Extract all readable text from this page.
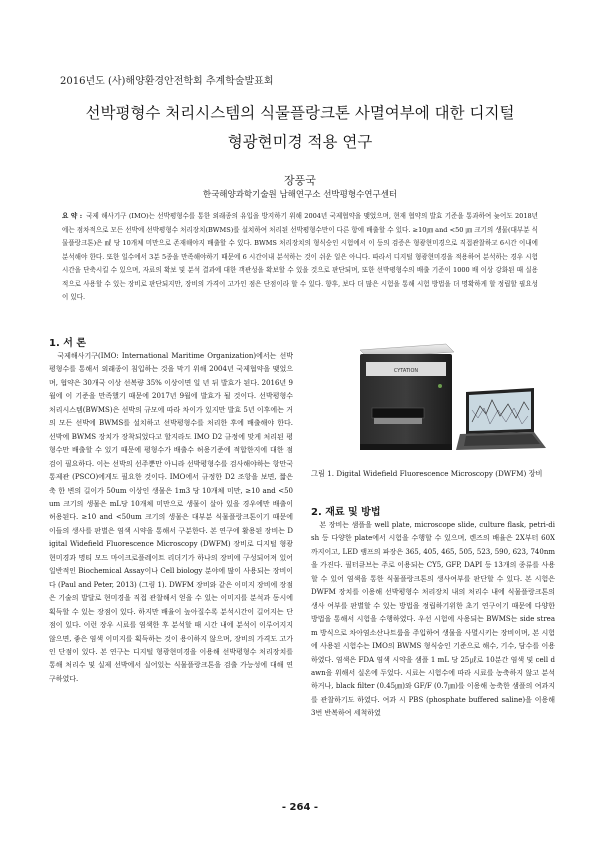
2016년도 (사)해양환경안전학회 추계학술발표회
선박평형수 처리시스템의 식물플랑크톤 사멸여부에 대한 디지털
형광현미경 적용 연구
장풍국
한국해양과학기술원 남해연구소 선박평형수연구센터
요 약 : 국제 해사기구 (IMO)는 선박평형수를 통한 외래종의 유입을 방지하기 위해 2004년 국제협약을 맺었으며, 현재 협약의 발효 기준을 통과하여 늦어도 2018년에는 점차적으로 모든 선박에 선박평형수 처리장치(BWMS)를 설치하여 처리된 선박평형수만이 다른 항에 배출할 수 있다. ≥10㎛ and <50 ㎛ 크기의 생물(대부분 식물플랑크톤)은 ㎖ 당 10개체 미만으로 존재해야지 배출할 수 있다. BWMS 처리장치의 형식승인 시험에서 이 등의 검증은 형광현미경으로 직접관찰하고 6시간 이내에 분석해야 한다. 또한 일수에서 3분 5종을 만족해야하기 때문에 6 시간이내 분석하는 것이 쉬운 일은 아니다. 따라서 디지털 형광현미경을 적용하여 분석하는 경우 시험 시간을 단축시킬 수 있으며, 자료의 확보 및 분석 결과에 대한 객관성을 확보할 수 있을 것으로 판단되며, 또한 선박평형수의 배출 기준이 1000 배 이상 강화된 때 실용적으로 사용할 수 있는 장비로 판단되지만, 장비의 가격이 고가인 점은 단점이라 할 수 있다. 향후, 보다 더 많은 시험을 통해 시험 방법을 더 명확하게 할 정립할 필요성이 있다.
1. 서 론

국제해사기구(IMO: International Maritime Organization)에서는 선박평형수를 통해서 외래종이 침입하는 것을 막기 위해 2004년 국제협약을 맺었으며, 협약은 30개국 이상 선복량 35% 이상이면 일 년 뒤 발효가 된다. 2016년 9월에 이 기준을 만족했기 때문에 2017년 9월에 발효가 될 것이다. 선박평형수 처리시스템(BWMS)은 선박의 규모에 따라 차이가 있지만 발효 5년 이후에는 거의 모든 선박에 BWMS를 설치하고 선박평형수를 처리한 후에 배출해야 한다. 선박에 BWMS 장치가 장착되었다고 할지라도 IMO D2 규정에 맞게 처리된 평형수만 배출할 수 있기 때문에 평형수가 배출수 허용기준에 적합한지에 대한 점검이 필요하다. 이는 선박의 선주뿐만 아니라 선박평형수를 검사해야하는 항만국 통제관 (PSCO)에게도 필요한 것이다. IMO에서 규정한 D2 조항을 보면, 짧은 축 한 변의 길이가 50um 이상인 생물은 1m3 당 10개체 미만, ≥10 and <50um 크기의 생물은 mL당 10개체 미만으로 생물이 살아 있을 경우에만 배출이 허용된다. ≥10 and <50um 크기의 생물은 대부분 식물플랑크톤이기 때문에 이들의 생사를 판별은 염색 시약을 통해서 구분한다. 본 연구에 활용된 장비는 Digital Widefield Fluorescence Microscopy (DWFM) 장비로 디지털 형광 현미경과 명티 모드 마이크로플레이트 리더기가 하나의 장비에 구성되어져 있어 일반적인 Biochemical Assay이나 Cell biology 분야에 많이 사용되는 장비이다 (Paul and Peter, 2013) (그림 1). DWFM 장비와 같은 이미지 장비에 장점은 기술의 발달로 현미경을 직접 관찰해서 얻을 수 있는 이미지를 분석과 동시에 획득할 수 있는 장점이 있다. 하지만 배율이 높아질수록 분석시간이 길어지는 단점이 있다. 이런 장우 시료를 염색한 후 분석할 때 시간 내에 분석이 이루어지지 않으면, 좋은 염색 이미지를 획득하는 것이 용이하지 않으며, 장비의 가격도 고가인 단점이 있다. 본 연구는 디지털 형광현미경을 이용해 선박평형수 처리장치를 통해 처리수 및 실제 선박에서 실어있는 식물플랑크톤을 검출 가능성에 대해 연구하였다.

CYTATION
그림 1. Digital Widefield Fluorescence Microscopy (DWFM) 장비
2. 재료 및 방법

본 장비는 샘플을 well plate, microscope slide, culture flask, petri-dish 등 다양한 plate에서 시험을 수행할 수 있으며, 렌즈의 배율은 2X부터 60X까지이고, LED 램프의 파장은 365, 405, 465, 505, 523, 590, 623, 740nm을 가진다. 필터큐브는 주로 이용되는 CY5, GFP, DAPI 등 13개의 종류를 사용할 수 있어 염색을 통한 식물플랑크톤의 생사여부를 판단할 수 있다. 본 시험은 DWFM 장치를 이용해 선박평형수 처리장치 내의 처리수 내에 식물플랑크톤의 생사 여부를 판별할 수 있는 방법을 정립하기위한 초기 연구이기 때문에 다양한 방법을 통해서 시험을 수행하였다. 우선 시험에 사용되는 BWMS는 side stream 방식으로 차아염소산나트륨을 주입하여 생물을 사멸시키는 장비이며, 본 시험에 사용된 시험수는 IMO의 BWMS 형식승인 기준으로 해수, 기수, 담수를 이용하였다. 염색은 FDA 염색 시약을 샘플 1 mL 당 25㎕로 10분간 염색 및 cell dawn을 위해서 실온에 두었다. 시료는 시험수에 따라 시료를 농축하지 않고 분석하거나, black filter (0.45㎛)와 GF/F (0.7㎛)를 이용해 농축한 샘플의 여과지를 관찰하기도 하였다. 여과 시 PBS (phosphate buffered saline)을 이용해 3번 반복하여 세척하였

- 264 -
